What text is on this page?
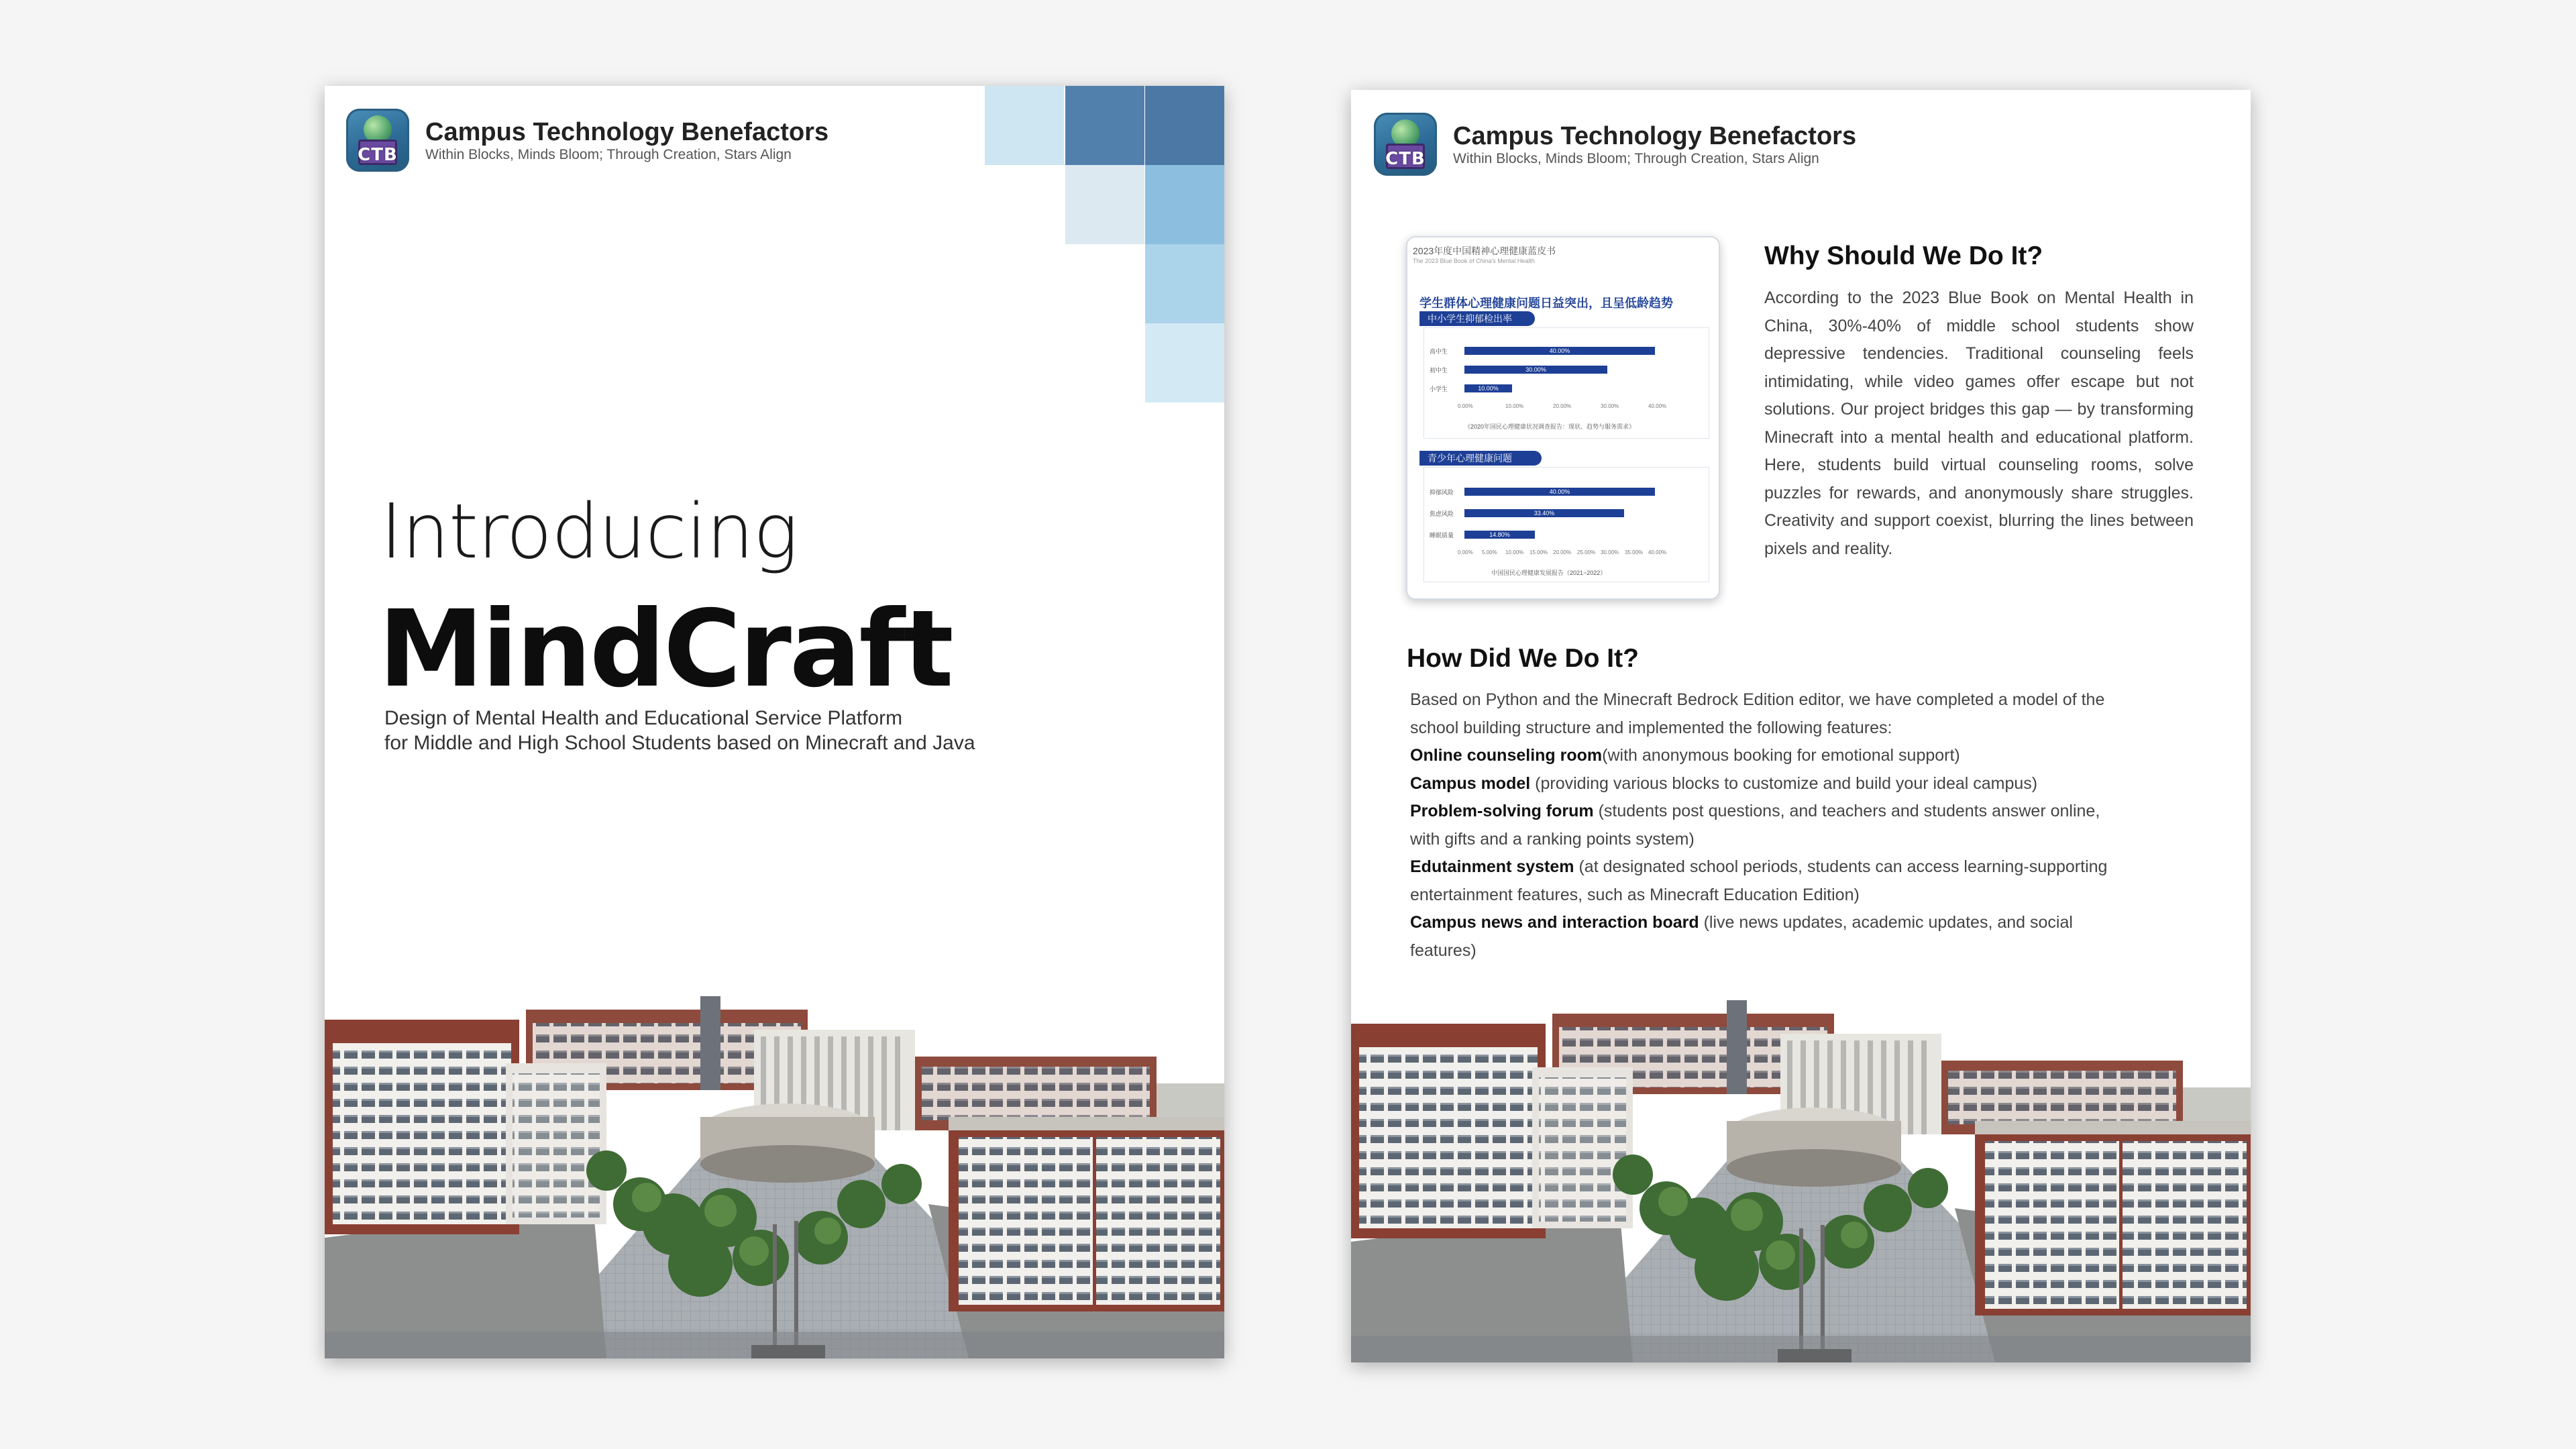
CTB
Campus Technology Benefactors
Within Blocks, Minds Bloom; Through Creation, Stars Align
Introducing
MindCraft
Design of Mental Health and Educational Service Platform
for Middle and High School Students based on Minecraft and Java
CTB
Campus Technology Benefactors
Within Blocks, Minds Bloom; Through Creation, Stars Align
2023年度中国精神心理健康蓝皮书
The 2023 Blue Book of China's Mental Health
学生群体心理健康问题日益突出，且呈低龄趋势
中小学生抑郁检出率
高中生	40.00%
初中生	30.00%
小学生	10.00%
0.00%	10.00%	20.00%	30.00%	40.00%
《2020年国民心理健康状况调查报告：现状、趋势与服务需求》
青少年心理健康问题
抑郁风险	40.00%
焦虑风险	33.40%
睡眠质量	14.80%
0.00% 5.00% 10.00% 15.00% 20.00% 25.00% 30.00% 35.00% 40.00%
中国国民心理健康发展报告（2021~2022）
Why Should We Do It?
According to the 2023 Blue Book on Mental Health in China, 30%-40% of middle school students show depressive tendencies. Traditional counseling feels intimidating, while video games offer escape but not solutions. Our project bridges this gap — by transforming Minecraft into a mental health and educational platform. Here, students build virtual counseling rooms, solve puzzles for rewards, and anonymously share struggles. Creativity and support coexist, blurring the lines between pixels and reality.
How Did We Do It?

Based on Python and the Minecraft Bedrock Edition editor, we have completed a model of the school building structure and implemented the following features:

Online counseling room(with anonymous booking for emotional support)

Campus model (providing various blocks to customize and build your ideal campus)

Problem-solving forum (students post questions, and teachers and students answer online, with gifts and a ranking points system)

Edutainment system (at designated school periods, students can access learning-supporting entertainment features, such as Minecraft Education Edition)

Campus news and interaction board (live news updates, academic updates, and social features)
